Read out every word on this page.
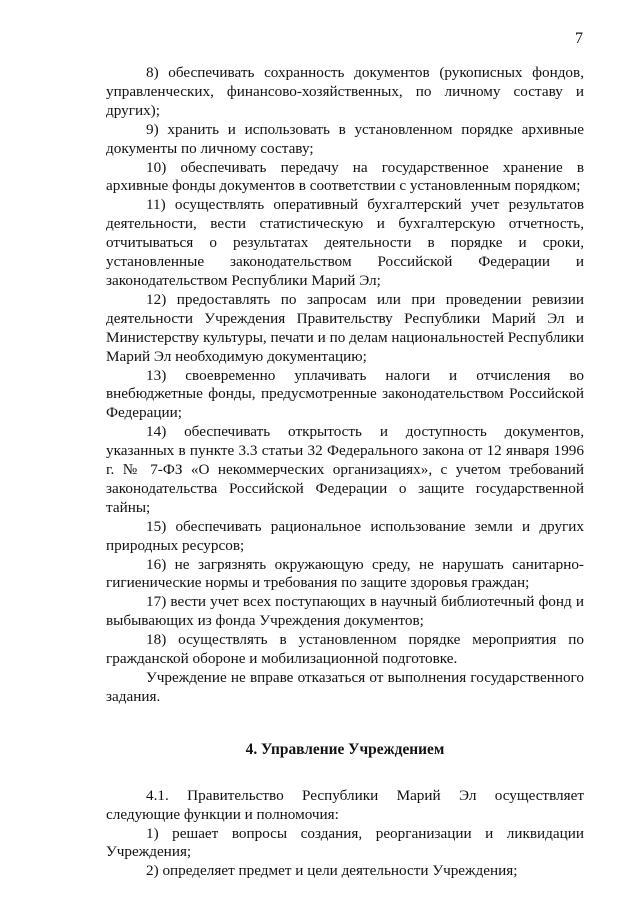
7

8) обеспечивать сохранность документов (рукописных фондов, управленческих, финансово-хозяйственных, по личному составу и других);

9) хранить и использовать в установленном порядке архивные документы по личному составу;

10) обеспечивать передачу на государственное хранение в архивные фонды документов в соответствии с установленным порядком;

11) осуществлять оперативный бухгалтерский учет результатов деятельности, вести статистическую и бухгалтерскую отчетность, отчитываться о результатах деятельности в порядке и сроки, установленные законодательством Российской Федерации и законодательством Республики Марий Эл;

12) предоставлять по запросам или при проведении ревизии деятельности Учреждения Правительству Республики Марий Эл и Министерству культуры, печати и по делам национальностей Республики Марий Эл необходимую документацию;

13) своевременно уплачивать налоги и отчисления во внебюджетные фонды, предусмотренные законодательством Российской Федерации;

14) обеспечивать открытость и доступность документов, указанных в пункте 3.3 статьи 32 Федерального закона от 12 января 1996 г. № 7-ФЗ «О некоммерческих организациях», с учетом требований законодательства Российской Федерации о защите государственной тайны;

15) обеспечивать рациональное использование земли и других природных ресурсов;

16) не загрязнять окружающую среду, не нарушать санитарно-гигиенические нормы и требования по защите здоровья граждан;

17) вести учет всех поступающих в научный библиотечный фонд и выбывающих из фонда Учреждения документов;

18) осуществлять в установленном порядке мероприятия по гражданской обороне и мобилизационной подготовке.

Учреждение не вправе отказаться от выполнения государственного задания.

4. Управление Учреждением

4.1. Правительство Республики Марий Эл осуществляет следующие функции и полномочия:

1) решает вопросы создания, реорганизации и ликвидации Учреждения;

2) определяет предмет и цели деятельности Учреждения;
